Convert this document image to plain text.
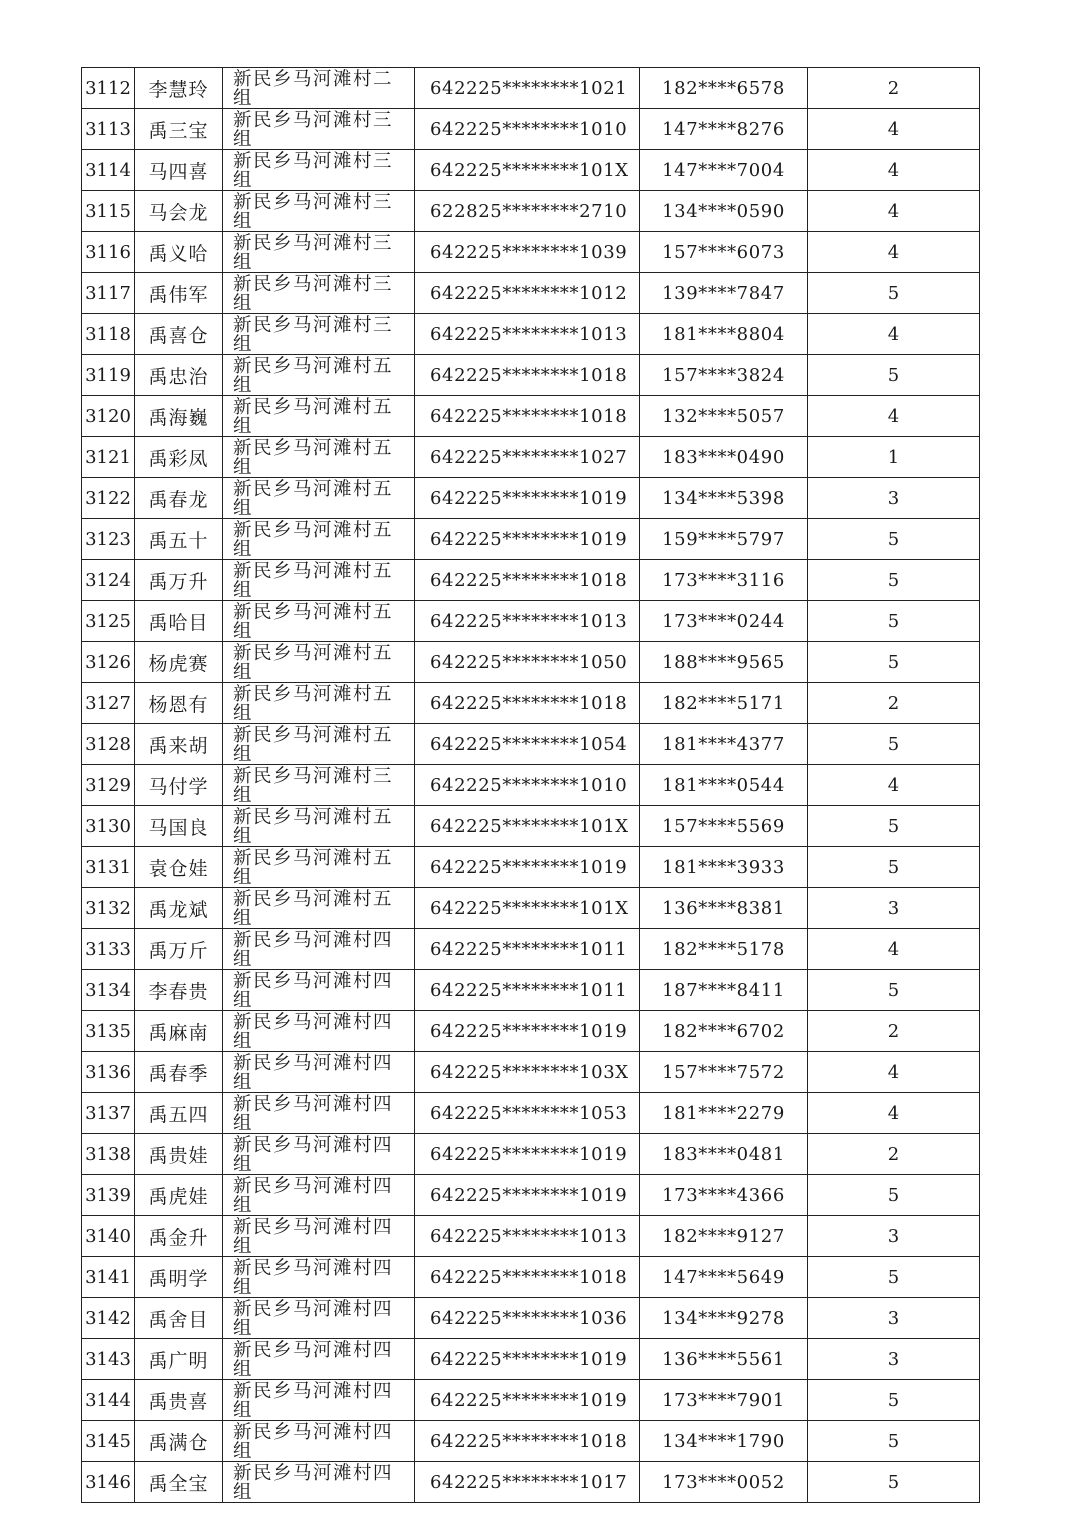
3112	李慧玲	新民乡马河滩村二组	642225********1021	182****6578	2
3113	禹三宝	新民乡马河滩村三组	642225********1010	147****8276	4
3114	马四喜	新民乡马河滩村三组	642225********101X	147****7004	4
3115	马会龙	新民乡马河滩村三组	622825********2710	134****0590	4
3116	禹义哈	新民乡马河滩村三组	642225********1039	157****6073	4
3117	禹伟军	新民乡马河滩村三组	642225********1012	139****7847	5
3118	禹喜仓	新民乡马河滩村三组	642225********1013	181****8804	4
3119	禹忠治	新民乡马河滩村五组	642225********1018	157****3824	5
3120	禹海巍	新民乡马河滩村五组	642225********1018	132****5057	4
3121	禹彩凤	新民乡马河滩村五组	642225********1027	183****0490	1
3122	禹春龙	新民乡马河滩村五组	642225********1019	134****5398	3
3123	禹五十	新民乡马河滩村五组	642225********1019	159****5797	5
3124	禹万升	新民乡马河滩村五组	642225********1018	173****3116	5
3125	禹哈目	新民乡马河滩村五组	642225********1013	173****0244	5
3126	杨虎赛	新民乡马河滩村五组	642225********1050	188****9565	5
3127	杨恩有	新民乡马河滩村五组	642225********1018	182****5171	2
3128	禹来胡	新民乡马河滩村五组	642225********1054	181****4377	5
3129	马付学	新民乡马河滩村三组	642225********1010	181****0544	4
3130	马国良	新民乡马河滩村五组	642225********101X	157****5569	5
3131	袁仓娃	新民乡马河滩村五组	642225********1019	181****3933	5
3132	禹龙斌	新民乡马河滩村五组	642225********101X	136****8381	3
3133	禹万斤	新民乡马河滩村四组	642225********1011	182****5178	4
3134	李春贵	新民乡马河滩村四组	642225********1011	187****8411	5
3135	禹麻南	新民乡马河滩村四组	642225********1019	182****6702	2
3136	禹春季	新民乡马河滩村四组	642225********103X	157****7572	4
3137	禹五四	新民乡马河滩村四组	642225********1053	181****2279	4
3138	禹贵娃	新民乡马河滩村四组	642225********1019	183****0481	2
3139	禹虎娃	新民乡马河滩村四组	642225********1019	173****4366	5
3140	禹金升	新民乡马河滩村四组	642225********1013	182****9127	3
3141	禹明学	新民乡马河滩村四组	642225********1018	147****5649	5
3142	禹舍目	新民乡马河滩村四组	642225********1036	134****9278	3
3143	禹广明	新民乡马河滩村四组	642225********1019	136****5561	3
3144	禹贵喜	新民乡马河滩村四组	642225********1019	173****7901	5
3145	禹满仓	新民乡马河滩村四组	642225********1018	134****1790	5
3146	禹全宝	新民乡马河滩村四组	642225********1017	173****0052	5
